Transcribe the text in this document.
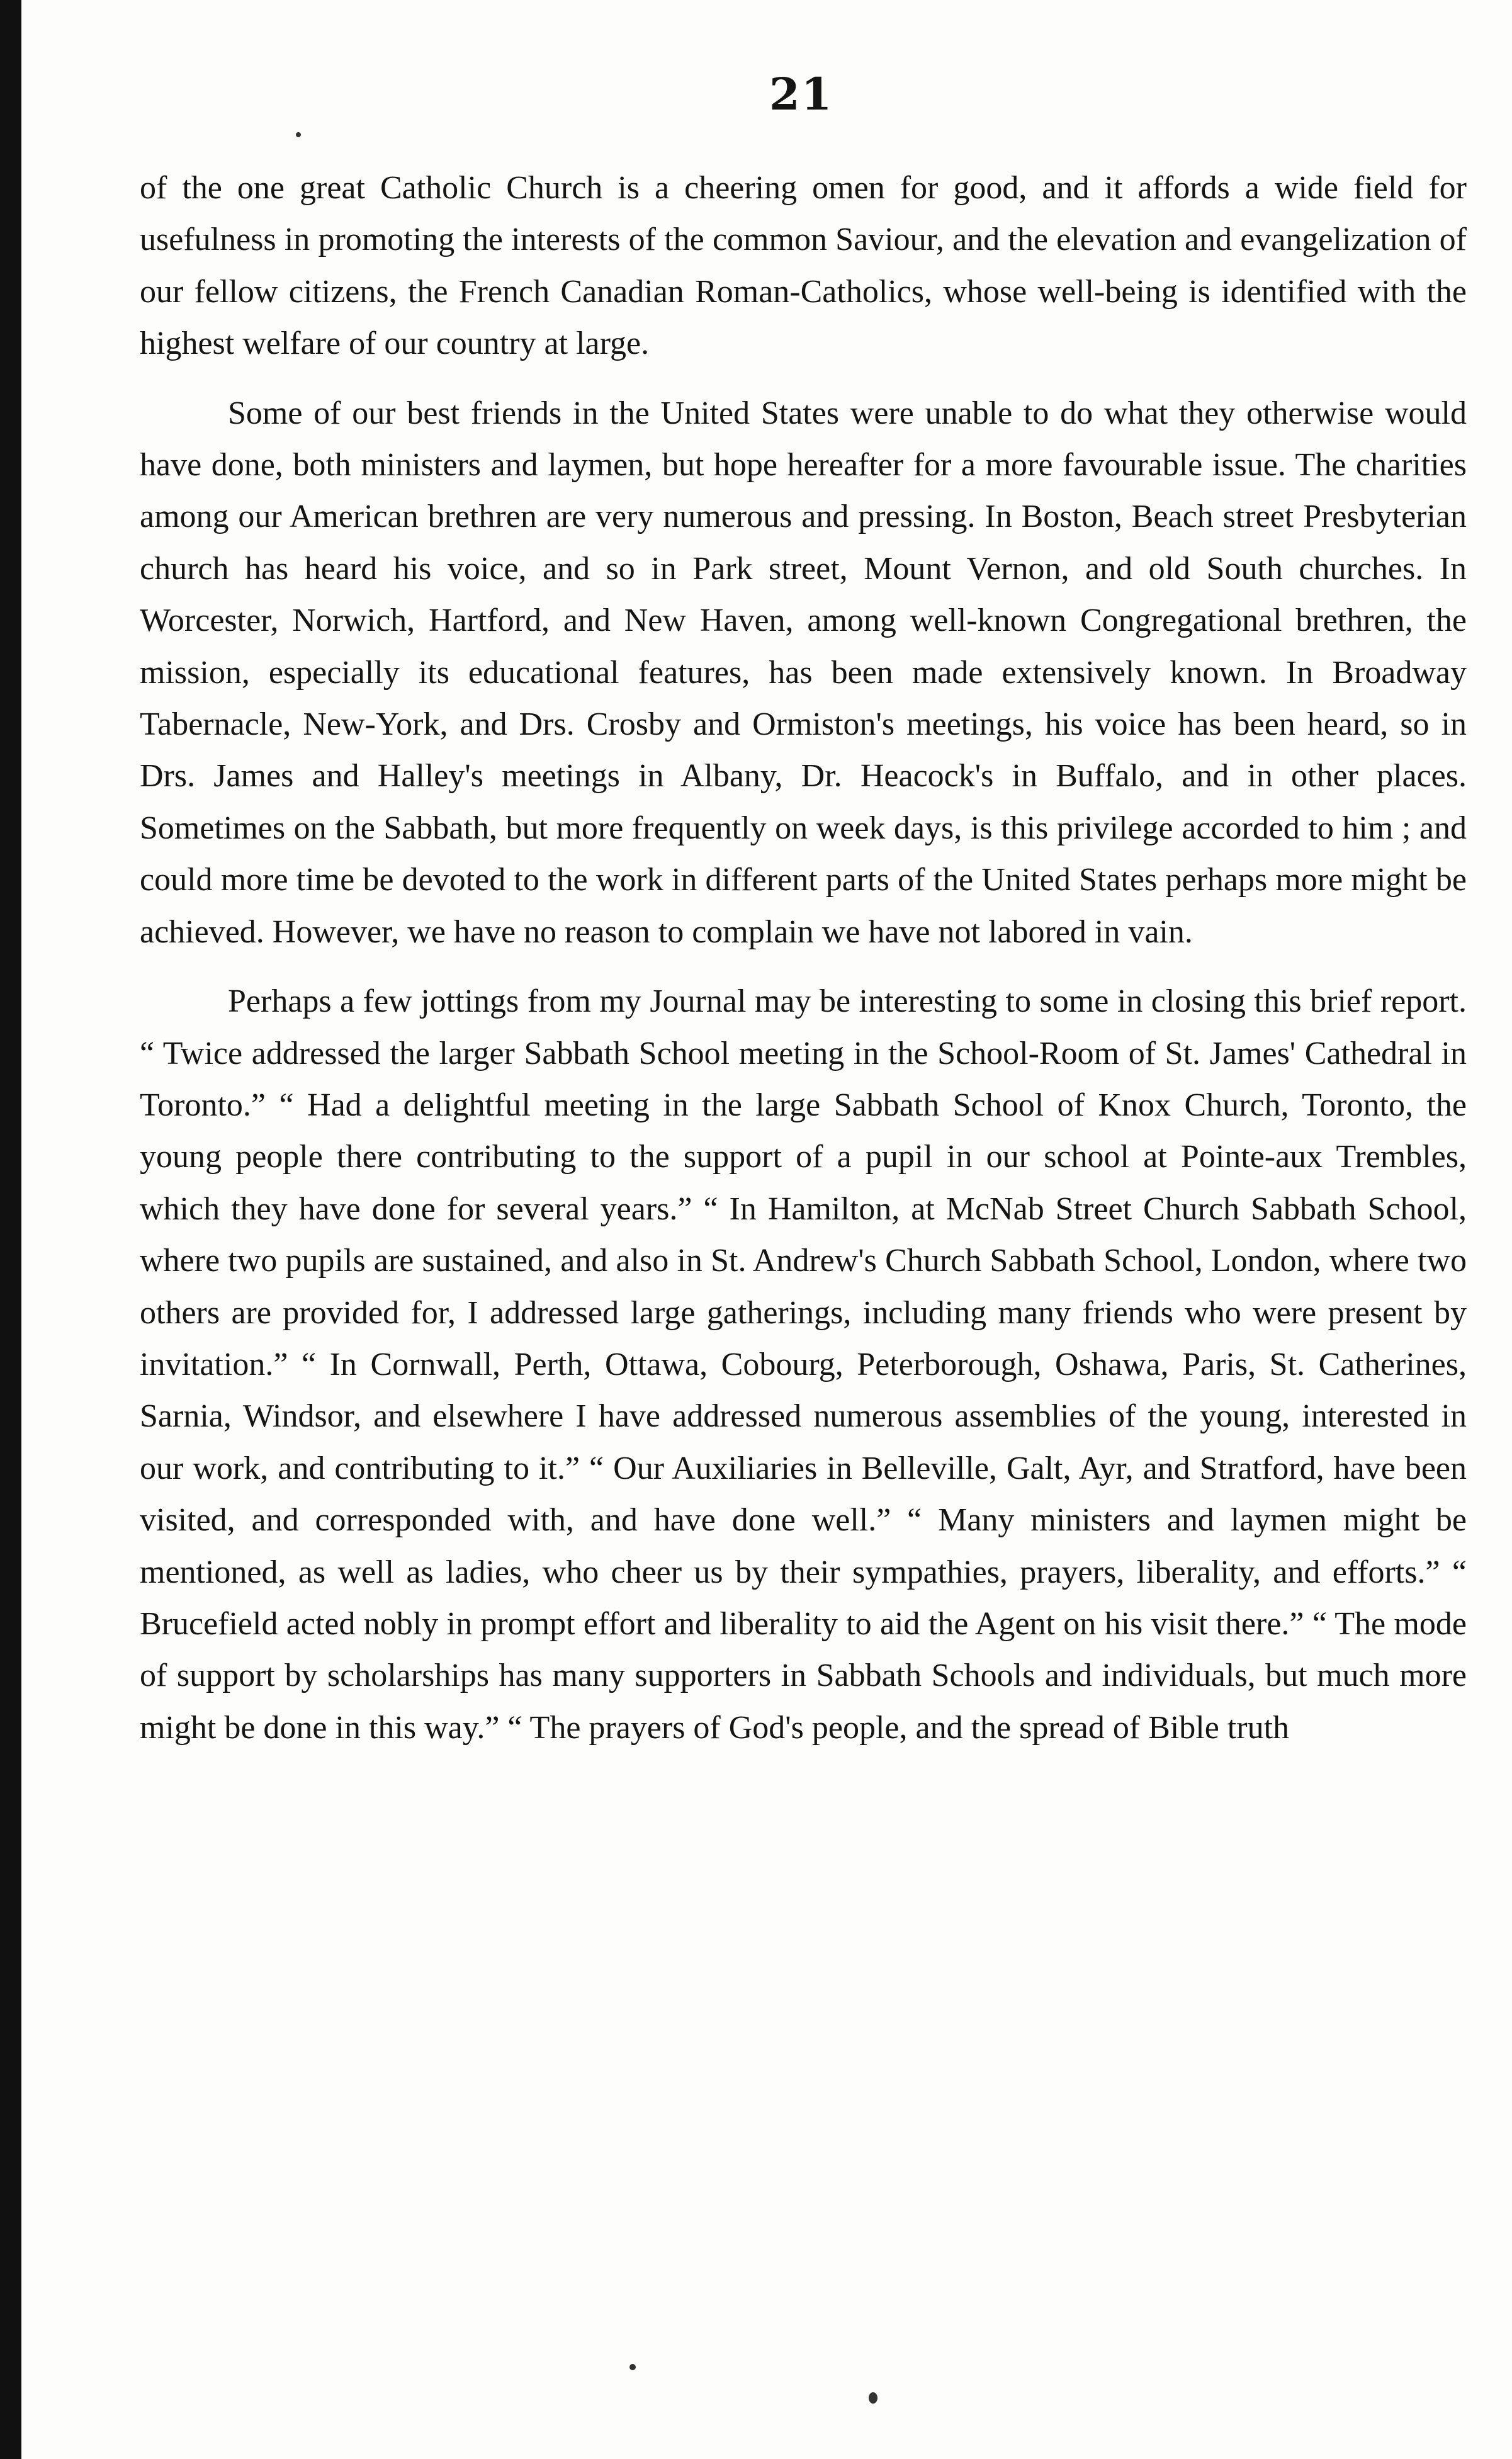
21

of the one great Catholic Church is a cheering omen for good, and it affords a wide field for usefulness in promoting the interests of the common Saviour, and the elevation and evangelization of our fellow citizens, the French Canadian Roman-Catholics, whose well-being is identified with the highest welfare of our country at large.

Some of our best friends in the United States were unable to do what they otherwise would have done, both ministers and laymen, but hope hereafter for a more favourable issue. The charities among our American brethren are very numerous and pressing. In Boston, Beach street Presbyterian church has heard his voice, and so in Park street, Mount Vernon, and old South churches. In Worcester, Norwich, Hartford, and New Haven, among well-known Congregational brethren, the mission, especially its educational features, has been made extensively known. In Broadway Tabernacle, New-York, and Drs. Crosby and Ormiston's meetings, his voice has been heard, so in Drs. James and Halley's meetings in Albany, Dr. Heacock's in Buffalo, and in other places. Sometimes on the Sabbath, but more frequently on week days, is this privilege accorded to him ; and could more time be devoted to the work in different parts of the United States perhaps more might be achieved. However, we have no reason to complain we have not labored in vain.

Perhaps a few jottings from my Journal may be interesting to some in closing this brief report. “ Twice addressed the larger Sabbath School meeting in the School-Room of St. James' Cathedral in Toronto.” “ Had a delightful meeting in the large Sabbath School of Knox Church, Toronto, the young people there contributing to the support of a pupil in our school at Pointe-aux Trembles, which they have done for several years.” “ In Hamilton, at McNab Street Church Sabbath School, where two pupils are sustained, and also in St. Andrew's Church Sabbath School, London, where two others are provided for, I addressed large gatherings, including many friends who were present by invitation.” “ In Cornwall, Perth, Ottawa, Cobourg, Peterborough, Oshawa, Paris, St. Catherines, Sarnia, Windsor, and elsewhere I have addressed numerous assemblies of the young, interested in our work, and contributing to it.” “ Our Auxiliaries in Belleville, Galt, Ayr, and Stratford, have been visited, and corresponded with, and have done well.” “ Many ministers and laymen might be mentioned, as well as ladies, who cheer us by their sympathies, prayers, liberality, and efforts.” “ Brucefield acted nobly in prompt effort and liberality to aid the Agent on his visit there.” “ The mode of support by scholarships has many supporters in Sabbath Schools and individuals, but much more might be done in this way.” “ The prayers of God's people, and the spread of Bible truth
